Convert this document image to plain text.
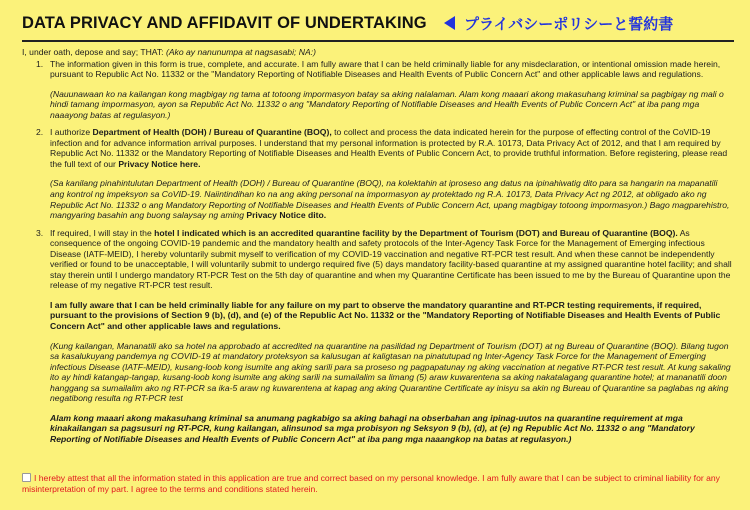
DATA PRIVACY AND AFFIDAVIT OF UNDERTAKING プライバシーポリシーと誓約書

I, under oath, depose and say; THAT: (Ako ay nanunumpa at nagsasabi; NA:)

1. The information given in this form is true, complete, and accurate. I am fully aware that I can be held criminally liable for any misdeclaration, or intentional omission made herein, pursuant to Republic Act No. 11332 or the "Mandatory Reporting of Notifiable Diseases and Health Events of Public Concern Act" and other applicable laws and regulations.

(Nauunawaan ko na kailangan kong magbigay ng tama at totoong impormasyon batay sa aking nalalaman. Alam kong maaari akong makasuhang kriminal sa pagbigay ng mali o hindi tamang impormasyon, ayon sa Republic Act No. 11332 o ang "Mandatory Reporting of Notifiable Diseases and Health Events of Public Concern Act" at iba pang mga naaayong batas at regulasyon.)

2. I authorize Department of Health (DOH) / Bureau of Quarantine (BOQ), to collect and process the data indicated herein for the purpose of effecting control of the CoVID-19 infection and for advance information arrival purposes. I understand that my personal information is protected by R.A. 10173, Data Privacy Act of 2012, and that I am required by Republic Act No. 11332 or the Mandatory Reporting of Notifiable Diseases and Health Events of Public Concern Act, to provide truthful information. Before registering, please read the full text of our Privacy Notice here.

(Sa kanilang pinahintulutan Department of Health (DOH) / Bureau of Quarantine (BOQ), na kolektahin at iproseso ang datus na ipinahiwatig dito para sa hangarin na mapanatili ang kontrol ng impeksyon sa CoVID-19. Naiintindihan ko na ang aking personal na impormasyon ay protektado ng R.A. 10173, Data Privacy Act ng 2012, at obligado ako ng Republic Act No. 11332 o ang Mandatory Reporting of Notifiable Diseases and Health Events of Public Concern Act, upang magbigay totoong impormasyon.) Bago magparehistro, mangyaring basahin ang buong salaysay ng aming Privacy Notice dito.

3. If required, I will stay in the hotel I indicated which is an accredited quarantine facility by the Department of Tourism (DOT) and Bureau of Quarantine (BOQ). As consequence of the ongoing COVID-19 pandemic and the mandatory health and safety protocols of the Inter-Agency Task Force for the Management of Emerging infectious Disease (IATF-MEID), I hereby voluntarily submit myself to verification of my COVID-19 vaccination and negative RT-PCR test result. And when these cannot be independently verified or found to be unacceptable, I will voluntarily submit to undergo required five (5) days mandatory facility-based quarantine at my assigned quarantine hotel facility; and shall stay therein until I undergo mandatory RT-PCR Test on the 5th day of quarantine and when my Quarantine Certificate has been issued to me by the Bureau of Quarantine upon the release of my negative RT-PCR test result.

I am fully aware that I can be held criminally liable for any failure on my part to observe the mandatory quarantine and RT-PCR testing requirements, if required, pursuant to the provisions of Section 9 (b), (d), and (e) of the Republic Act No. 11332 or the "Mandatory Reporting of Notifiable Diseases and Health Events of Public Concern Act" and other applicable laws and regulations.

(Kung kailangan, Mananatili ako sa hotel na approbado at accredited na quarantine na pasilidad ng Department of Tourism (DOT) at ng Bureau of Quarantine (BOQ). Bilang tugon sa kasalukuyang pandemya ng COVID-19 at mandatory proteksyon sa kalusugan at kaligtasan na pinatutupad ng Inter-Agency Task Force for the Management of Emerging infectious Disease (IATF-MEID), kusang-loob kong isumite ang aking sarili para sa proseso ng pagpapatunay ng aking vaccination at negative RT-PCR test result. At kung sakaling ito ay hindi katangap-tangap, kusang-loob kong isumite ang aking sarili na sumailalim sa limang (5) araw kuwarentena sa aking nakatalagang quarantine hotel; at mananatili doon hanggang sa sumailalim ako ng RT-PCR sa ika-5 araw ng kuwarentena at kapag ang aking Quarantine Certificate ay inisyu sa akin ng Bureau of Quarantine sa paglabas ng aking negatibong resulta ng RT-PCR test

Alam kong maaari akong makasuhang kriminal sa anumang pagkabigo sa aking bahagi na obserbahan ang ipinag-uutos na quarantine requirement at mga kinakailangan sa pagsusuri ng RT-PCR, kung kailangan, alinsunod sa mga probisyon ng Seksyon 9 (b), (d), at (e) ng Republic Act No. 11332 o ang "Mandatory Reporting of Notifiable Diseases and Health Events of Public Concern Act" at iba pang mga naaangkop na batas at regulasyon.)

I hereby attest that all the information stated in this application are true and correct based on my personal knowledge. I am fully aware that I can be subject to criminal liability for any misinterpretation of my part. I agree to the terms and conditions stated herein.
